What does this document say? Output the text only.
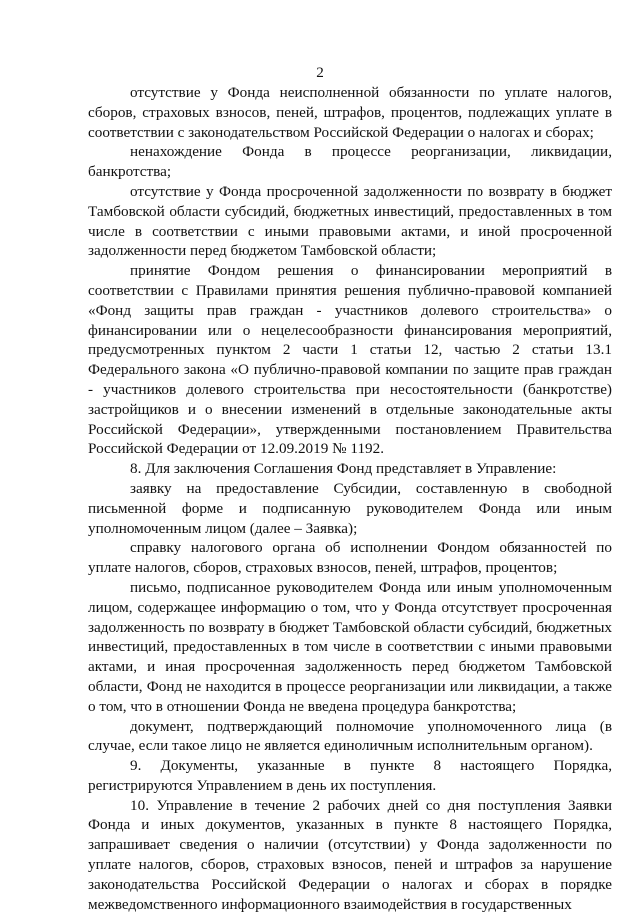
2

отсутствие у Фонда неисполненной обязанности по уплате налогов, сборов, страховых взносов, пеней, штрафов, процентов, подлежащих уплате в соответствии с законодательством Российской Федерации о налогах и сборах;

ненахождение Фонда в процессе реорганизации, ликвидации, банкротства;

отсутствие у Фонда просроченной задолженности по возврату в бюджет Тамбовской области субсидий, бюджетных инвестиций, предоставленных в том числе в соответствии с иными правовыми актами, и иной просроченной задолженности перед бюджетом Тамбовской области;

принятие Фондом решения о финансировании мероприятий в соответствии с Правилами принятия решения публично-правовой компанией «Фонд защиты прав граждан - участников долевого строительства» о финансировании или о нецелесообразности финансирования мероприятий, предусмотренных пунктом 2 части 1 статьи 12, частью 2 статьи 13.1 Федерального закона «О публично-правовой компании по защите прав граждан - участников долевого строительства при несостоятельности (банкротстве) застройщиков и о внесении изменений в отдельные законодательные акты Российской Федерации», утвержденными постановлением Правительства Российской Федерации от 12.09.2019 № 1192.

8. Для заключения Соглашения Фонд представляет в Управление:

заявку на предоставление Субсидии, составленную в свободной письменной форме и подписанную руководителем Фонда или иным уполномоченным лицом (далее – Заявка);

справку налогового органа об исполнении Фондом обязанностей по уплате налогов, сборов, страховых взносов, пеней, штрафов, процентов;

письмо, подписанное руководителем Фонда или иным уполномоченным лицом, содержащее информацию о том, что у Фонда отсутствует просроченная задолженность по возврату в бюджет Тамбовской области субсидий, бюджетных инвестиций, предоставленных в том числе в соответствии с иными правовыми актами, и иная просроченная задолженность перед бюджетом Тамбовской области, Фонд не находится в процессе реорганизации или ликвидации, а также о том, что в отношении Фонда не введена процедура банкротства;

документ, подтверждающий полномочие уполномоченного лица (в случае, если такое лицо не является единоличным исполнительным органом).

9. Документы, указанные в пункте 8 настоящего Порядка, регистрируются Управлением в день их поступления.

10. Управление в течение 2 рабочих дней со дня поступления Заявки Фонда и иных документов, указанных в пункте 8 настоящего Порядка, запрашивает сведения о наличии (отсутствии) у Фонда задолженности по уплате налогов, сборов, страховых взносов, пеней и штрафов за нарушение законодательства Российской Федерации о налогах и сборах в порядке межведомственного информационного взаимодействия в государственных
